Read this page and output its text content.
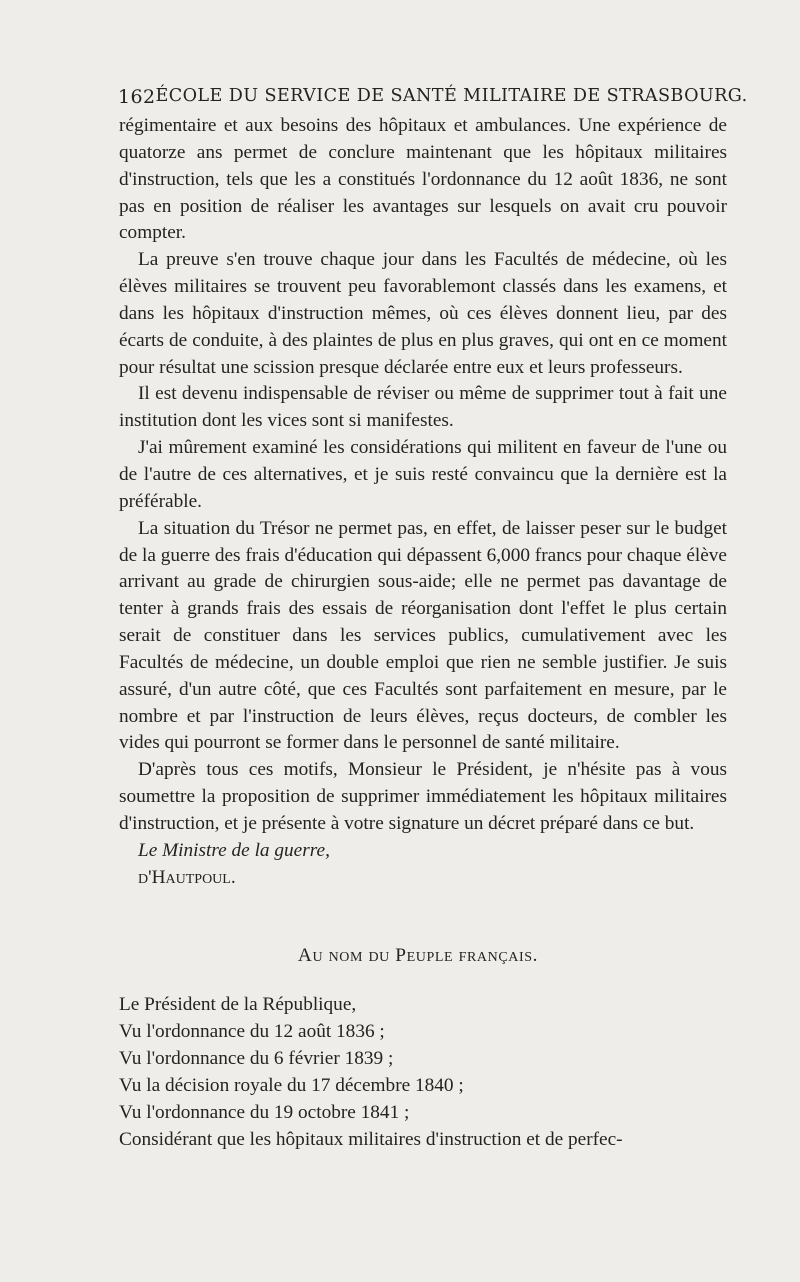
162 ÉCOLE DU SERVICE DE SANTÉ MILITAIRE DE STRASBOURG.

régimentaire et aux besoins des hôpitaux et ambulances. Une expérience de quatorze ans permet de conclure maintenant que les hôpitaux militaires d'instruction, tels que les a constitués l'ordonnance du 12 août 1836, ne sont pas en position de réaliser les avantages sur lesquels on avait cru pouvoir compter.

La preuve s'en trouve chaque jour dans les Facultés de médecine, où les élèves militaires se trouvent peu favorablemont classés dans les examens, et dans les hôpitaux d'instruction mêmes, où ces élèves donnent lieu, par des écarts de conduite, à des plaintes de plus en plus graves, qui ont en ce moment pour résultat une scission presque déclarée entre eux et leurs professeurs.

Il est devenu indispensable de réviser ou même de supprimer tout à fait une institution dont les vices sont si manifestes.

J'ai mûrement examiné les considérations qui militent en faveur de l'une ou de l'autre de ces alternatives, et je suis resté convaincu que la dernière est la préférable.

La situation du Trésor ne permet pas, en effet, de laisser peser sur le budget de la guerre des frais d'éducation qui dépassent 6,000 francs pour chaque élève arrivant au grade de chirurgien sous-aide; elle ne permet pas davantage de tenter à grands frais des essais de réorganisation dont l'effet le plus certain serait de constituer dans les services publics, cumulativement avec les Facultés de médecine, un double emploi que rien ne semble justifier. Je suis assuré, d'un autre côté, que ces Facultés sont parfaitement en mesure, par le nombre et par l'instruction de leurs élèves, reçus docteurs, de combler les vides qui pourront se former dans le personnel de santé militaire.

D'après tous ces motifs, Monsieur le Président, je n'hésite pas à vous soumettre la proposition de supprimer immédiatement les hôpitaux militaires d'instruction, et je présente à votre signature un décret préparé dans ce but.

Le Ministre de la guerre,

d'Hautpoul.

Au nom du Peuple français.

Le Président de la République,

Vu l'ordonnance du 12 août 1836 ;

Vu l'ordonnance du 6 février 1839 ;

Vu la décision royale du 17 décembre 1840 ;

Vu l'ordonnance du 19 octobre 1841 ;

Considérant que les hôpitaux militaires d'instruction et de perfec-
